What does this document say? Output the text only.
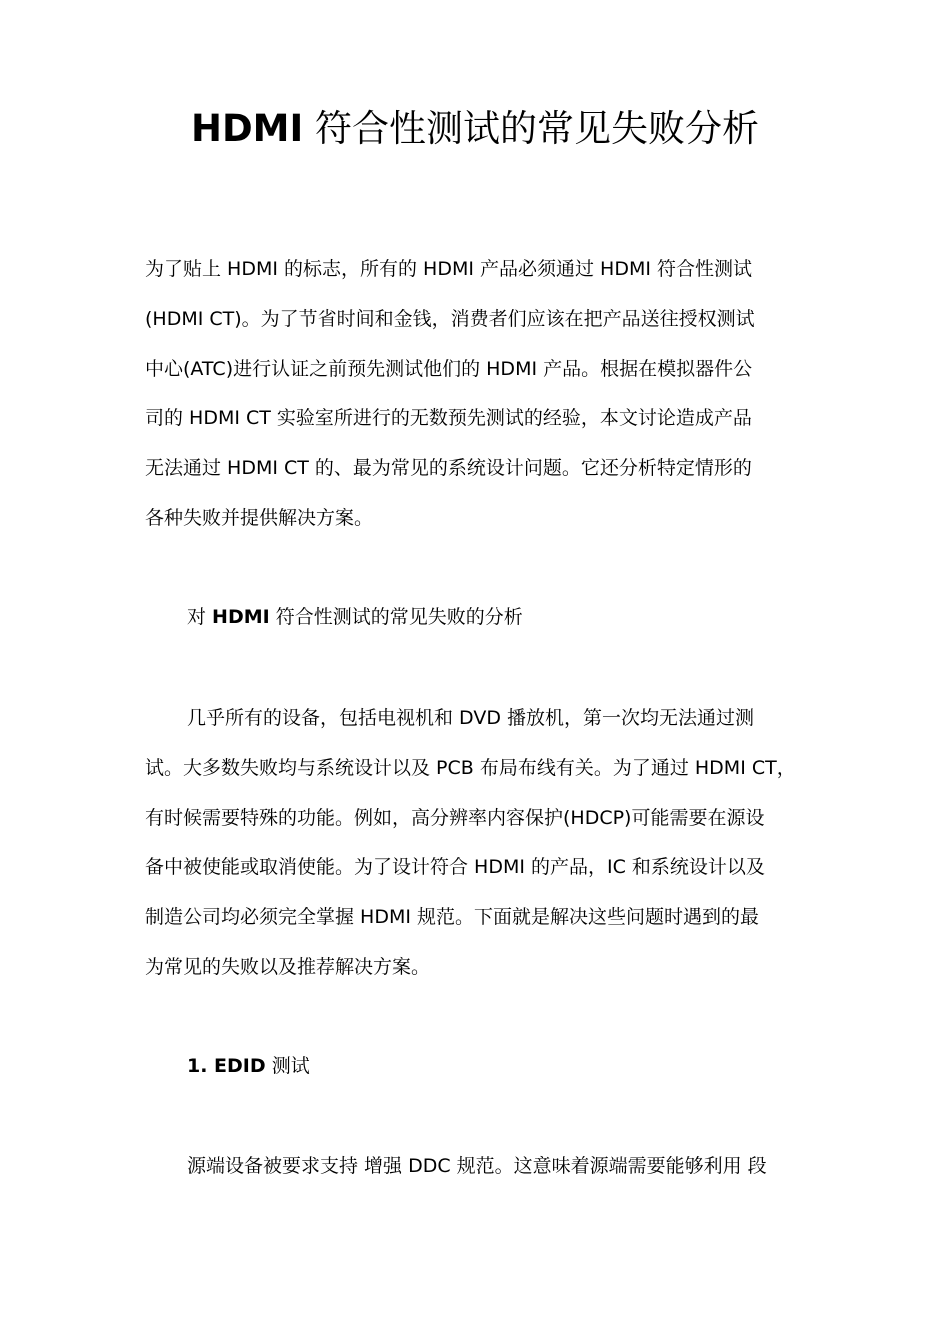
HDMI 符合性测试的常见失败分析
为了贴上 HDMI 的标志，所有的 HDMI 产品必须通过 HDMI 符合性测试
(HDMI CT)。为了节省时间和金钱，消费者们应该在把产品送往授权测试
中心(ATC)进行认证之前预先测试他们的 HDMI 产品。根据在模拟器件公
司的 HDMI CT 实验室所进行的无数预先测试的经验，本文讨论造成产品
无法通过 HDMI CT 的、最为常见的系统设计问题。它还分析特定情形的
各种失败并提供解决方案。
对 HDMI 符合性测试的常见失败的分析
几乎所有的设备，包括电视机和 DVD 播放机，第一次均无法通过测
试。大多数失败均与系统设计以及 PCB 布局布线有关。为了通过 HDMI CT，
有时候需要特殊的功能。例如，高分辨率内容保护(HDCP)可能需要在源设
备中被使能或取消使能。为了设计符合 HDMI 的产品，IC 和系统设计以及
制造公司均必须完全掌握 HDMI 规范。下面就是解决这些问题时遇到的最
为常见的失败以及推荐解决方案。
1. EDID 测试
源端设备被要求支持 增强 DDC 规范。这意味着源端需要能够利用 段
